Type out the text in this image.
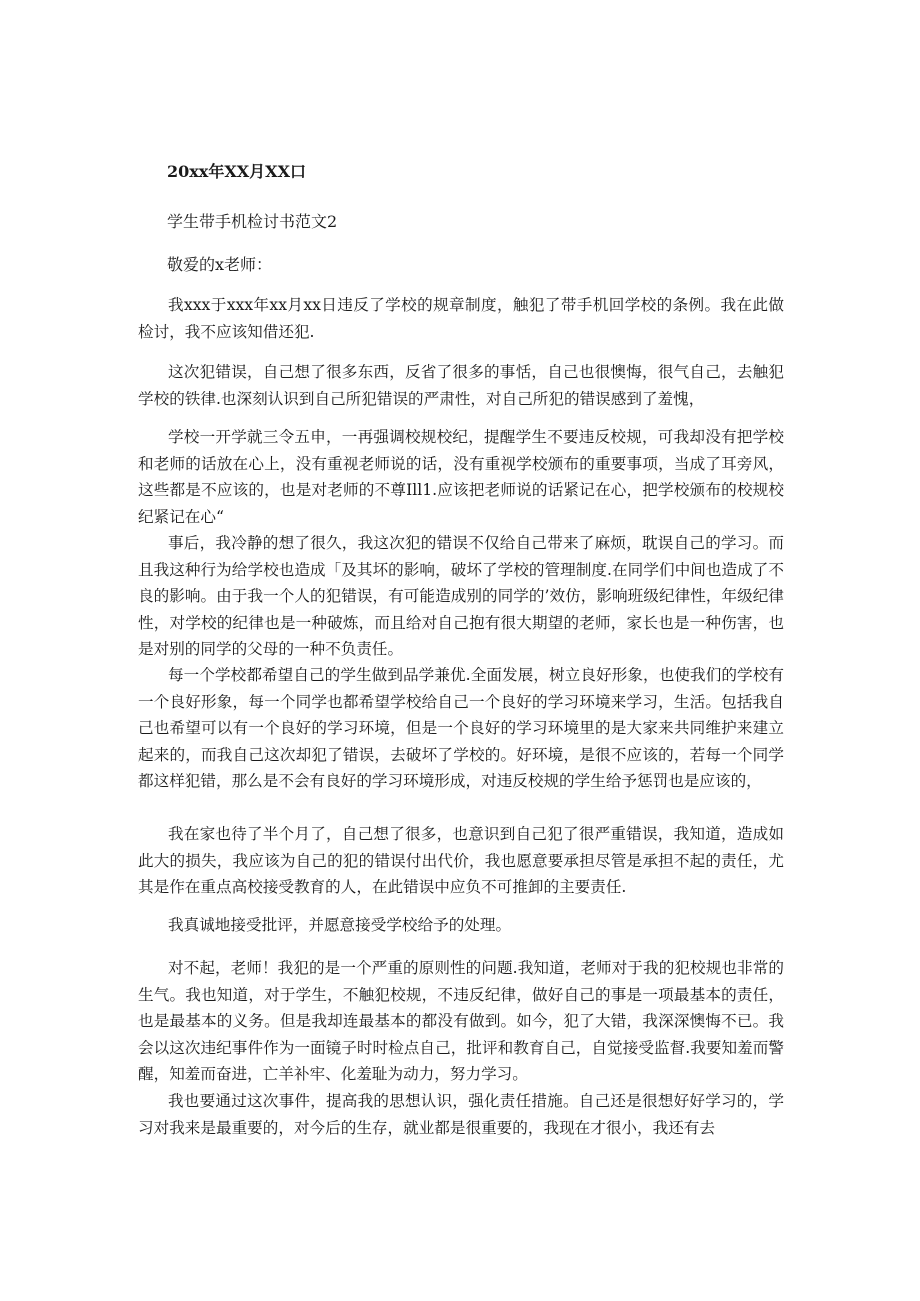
20xx年XX月XX口
学生带手机检讨书范文2
敬爱的x老师：

我xxx于xxx年xx月xx日违反了学校的规章制度，触犯了带手机回学校的条例。我在此做检讨，我不应该知借还犯.

这次犯错误，自己想了很多东西，反省了很多的事恬，自己也很懊悔，很气自己，去触犯学校的铁律.也深刻认识到自己所犯错误的严肃性，对自己所犯的错误感到了羞愧，

学校一开学就三令五申，一再强调校规校纪，提醒学生不要违反校规，可我却没有把学校和老师的话放在心上，没有重视老师说的话，没有重视学校颁布的重要事项，当成了耳旁风，这些都是不应该的，也是对老师的不尊Ill1.应该把老师说的话紧记在心，把学校颁布的校规校纪紧记在心“

事后，我冷静的想了很久，我这次犯的错误不仅给自己带来了麻烦，耽误自己的学习。而且我这种行为给学校也造成「及其坏的影响，破坏了学校的管理制度.在同学们中间也造成了不良的影响。由于我一个人的犯错误，有可能造成别的同学的’效仿，影响班级纪律性，年级纪律性，对学校的纪律也是一种破炼，而且给对自己抱有很大期望的老师，家长也是一种伤害，也是对别的同学的父母的一种不负责任。

每一个学校都希望自己的学生做到品学兼优.全面发展，树立良好形象，也使我们的学校有一个良好形象，每一个同学也都希望学校给自己一个良好的学习环境来学习，生活。包括我自己也希望可以有一个良好的学习环境，但是一个良好的学习环境里的是大家来共同维护来建立起来的，而我自己这次却犯了错误，去破坏了学校的。好环境，是很不应该的，若每一个同学都这样犯错，那么是不会有良好的学习环境形成，对违反校规的学生给予惩罚也是应该的，

我在家也待了半个月了，自己想了很多，也意识到自己犯了很严重错误，我知道，造成如此大的损失，我应该为自己的犯的错误付出代价，我也愿意要承担尽管是承担不起的责任，尤其是作在重点高校接受教育的人，在此错误中应负不可推卸的主要责任.

我真诚地接受批评，并愿意接受学校给予的处理。

对不起，老师！我犯的是一个严重的原则性的问题.我知道，老师对于我的犯校规也非常的生气。我也知道，对于学生，不触犯校规，不违反纪律，做好自己的事是一项最基本的责任，也是最基本的义务。但是我却连最基本的都没有做到。如今，犯了大错，我深深懊悔不已。我会以这次违纪事件作为一面镜子时时检点自己，批评和教育自己，自觉接受监督.我要知羞而警醒，知羞而奋进，亡羊补牢、化羞耻为动力，努力学习。

我也要通过这次事件，提高我的思想认识，强化责任措施。自己还是很想好好学习的，学习对我来是最重要的，对今后的生存，就业都是很重要的，我现在才很小，我还有去
